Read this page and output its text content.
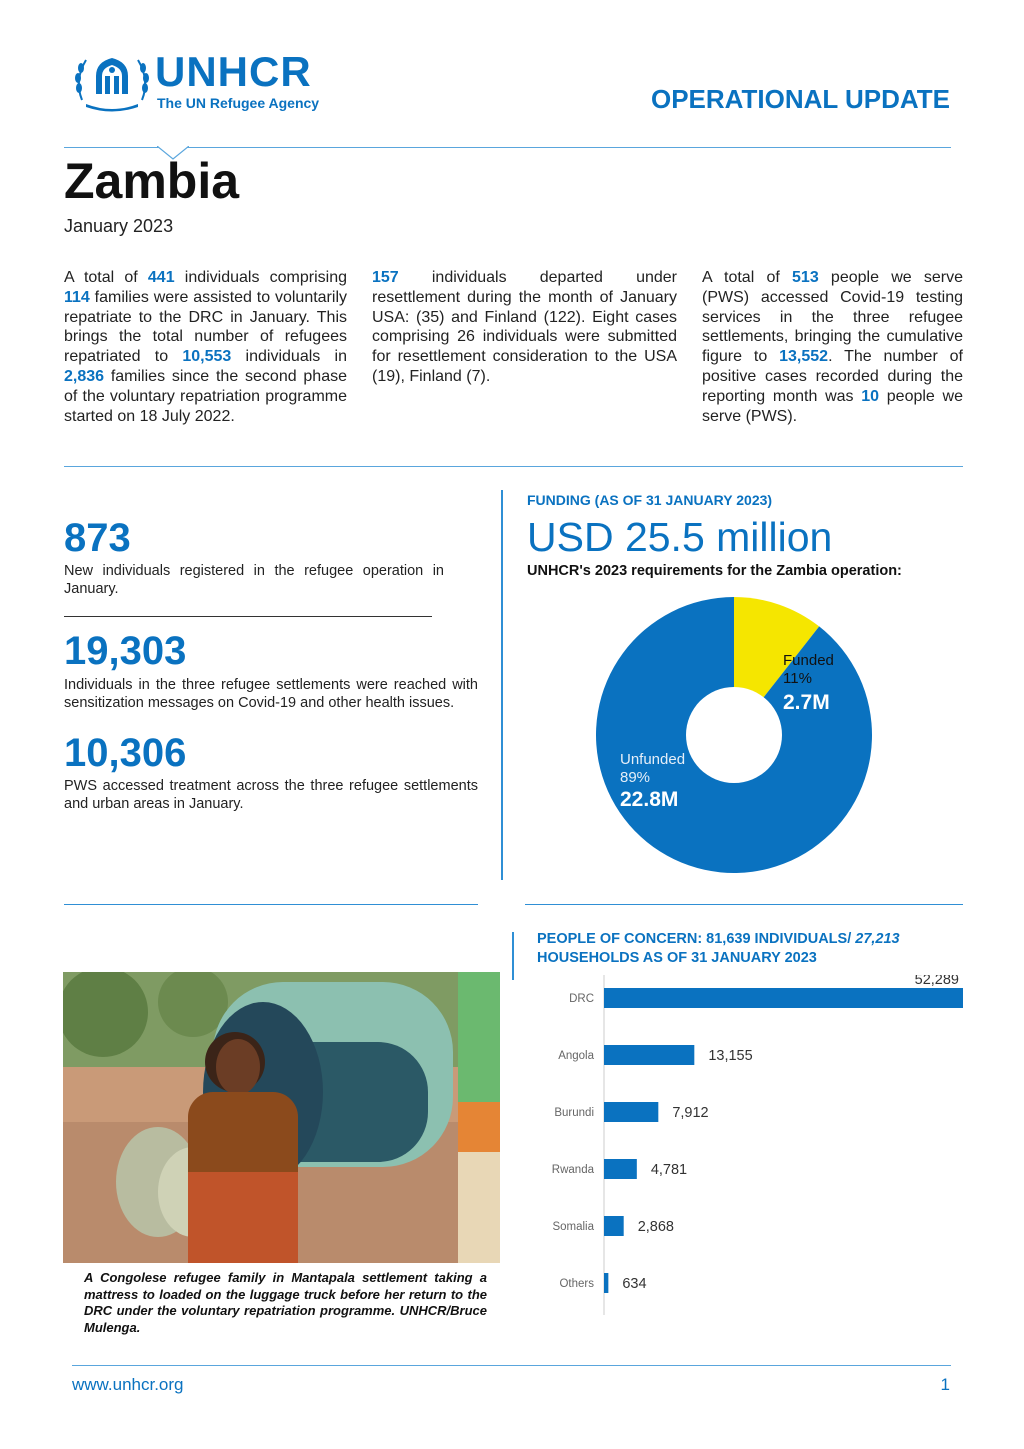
UNHCR
The UN Refugee Agency	OPERATIONAL UPDATE
Zambia
January 2023
A total of 441 individuals comprising 114 families were assisted to voluntarily repatriate to the DRC in January. This brings the total number of refugees repatriated to 10,553 individuals in 2,836 families since the second phase of the voluntary repatriation programme started on 18 July 2022.
157 individuals departed under resettlement during the month of January USA: (35) and Finland (122). Eight cases comprising 26 individuals were submitted for resettlement consideration to the USA (19), Finland (7).
A total of 513 people we serve (PWS) accessed Covid-19 testing services in the three refugee settlements, bringing the cumulative figure to 13,552. The number of positive cases recorded during the reporting month was 10 people we serve (PWS).
873
New individuals registered in the refugee operation in January.
19,303
Individuals in the three refugee settlements were reached with sensitization messages on Covid-19 and other health issues.
10,306
PWS accessed treatment across the three refugee settlements and urban areas in January.
FUNDING (AS OF 31 JANUARY 2023)
USD 25.5 million
UNHCR's 2023 requirements for the Zambia operation:
Funded
11%
2.7M
Unfunded
89%
22.8M
PEOPLE OF CONCERN: 81,639 INDIVIDUALS/ 27,213 HOUSEHOLDS AS OF 31 JANUARY 2023
A Congolese refugee family in Mantapala settlement taking a mattress to loaded on the luggage truck before her return to the DRC under the voluntary repatriation programme. UNHCR/Bruce Mulenga.
DRC
52,289
Angola	13,155
Burundi	7,912
Rwanda	4,781
Somalia	2,868
Others 634
www.unhcr.org	1
